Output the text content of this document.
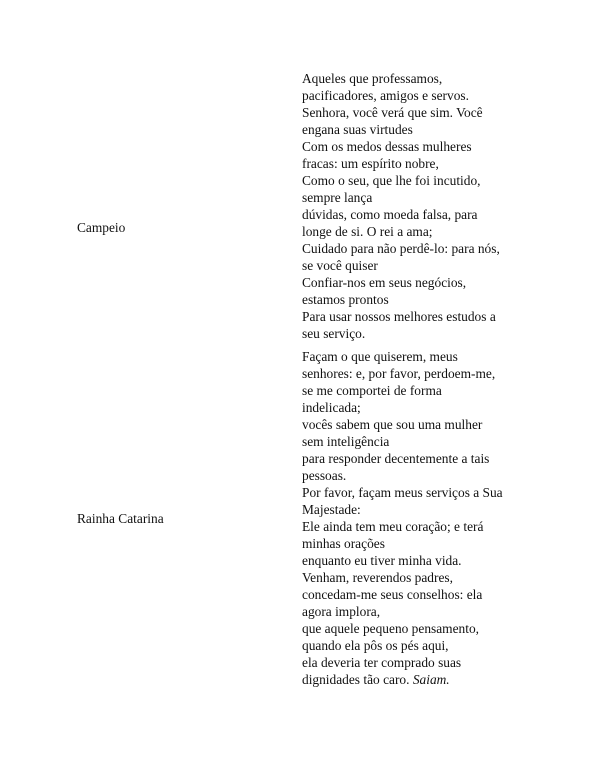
Campeio
Aqueles que professamos,
pacificadores, amigos e servos.
Senhora, você verá que sim. Você
engana suas virtudes
Com os medos dessas mulheres
fracas: um espírito nobre,
Como o seu, que lhe foi incutido,
sempre lança
dúvidas, como moeda falsa, para
longe de si. O rei a ama;
Cuidado para não perdê-lo: para nós,
se você quiser
Confiar-nos em seus negócios,
estamos prontos
Para usar nossos melhores estudos a
seu serviço.
Rainha Catarina
Façam o que quiserem, meus
senhores: e, por favor, perdoem-me,
se me comportei de forma
indelicada;
vocês sabem que sou uma mulher
sem inteligência
para responder decentemente a tais
pessoas.
Por favor, façam meus serviços a Sua
Majestade:
Ele ainda tem meu coração; e terá
minhas orações
enquanto eu tiver minha vida.
Venham, reverendos padres,
concedam-me seus conselhos: ela
agora implora,
que aquele pequeno pensamento,
quando ela pôs os pés aqui,
ela deveria ter comprado suas
dignidades tão caro. Saiam.
